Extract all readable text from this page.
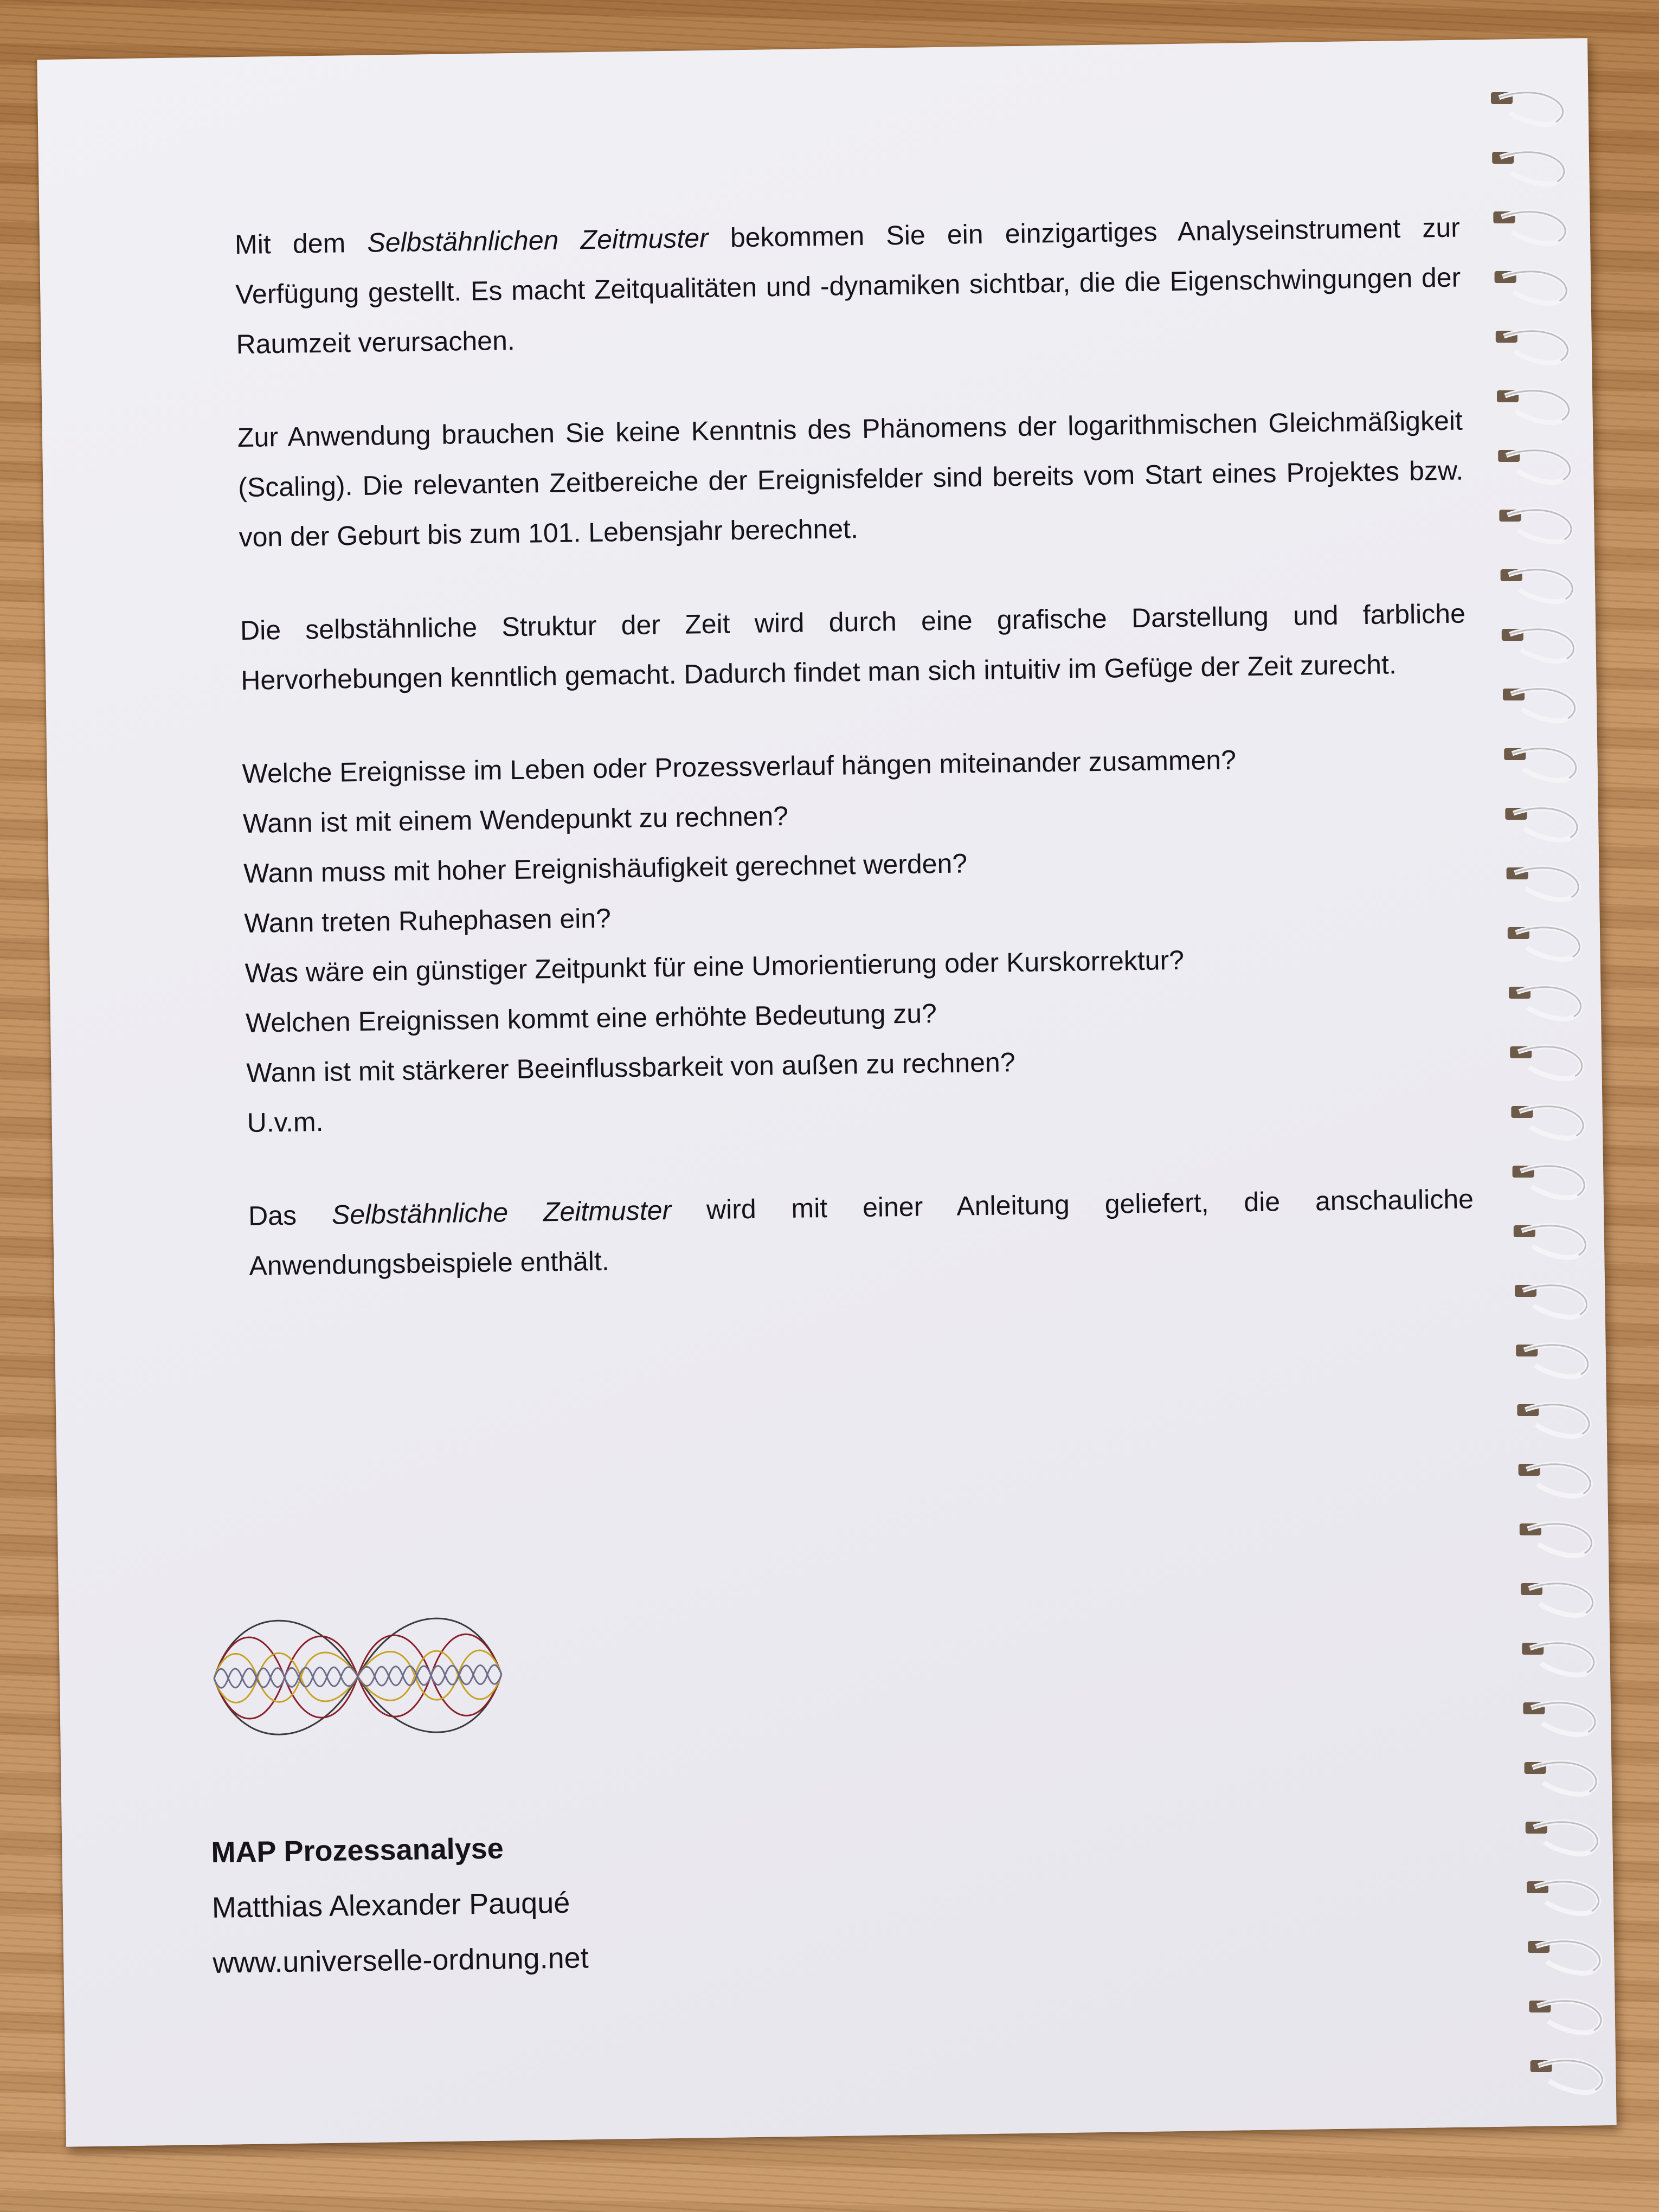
Mit dem Selbstähnlichen Zeitmuster bekommen Sie ein einzigartiges Analyseinstrument zur Verfügung gestellt. Es macht Zeitqualitäten und -dynamiken sichtbar, die die Eigenschwingungen der Raumzeit verursachen.

Zur Anwendung brauchen Sie keine Kenntnis des Phänomens der logarithmischen Gleichmäßigkeit (Scaling). Die relevanten Zeitbereiche der Ereignisfelder sind bereits vom Start eines Projektes bzw. von der Geburt bis zum 101. Lebensjahr berechnet.

Die selbstähnliche Struktur der Zeit wird durch eine grafische Darstellung und farbliche Hervorhebungen kenntlich gemacht. Dadurch findet man sich intuitiv im Gefüge der Zeit zurecht.

Welche Ereignisse im Leben oder Prozessverlauf hängen miteinander zusammen?
Wann ist mit einem Wendepunkt zu rechnen?
Wann muss mit hoher Ereignishäufigkeit gerechnet werden?
Wann treten Ruhephasen ein?
Was wäre ein günstiger Zeitpunkt für eine Umorientierung oder Kurskorrektur?
Welchen Ereignissen kommt eine erhöhte Bedeutung zu?
Wann ist mit stärkerer Beeinflussbarkeit von außen zu rechnen?
U.v.m.

Das Selbstähnliche Zeitmuster wird mit einer Anleitung geliefert, die anschauliche Anwendungsbeispiele enthält.

MAP Prozessanalyse
Matthias Alexander Pauqué
www.universelle-ordnung.net
